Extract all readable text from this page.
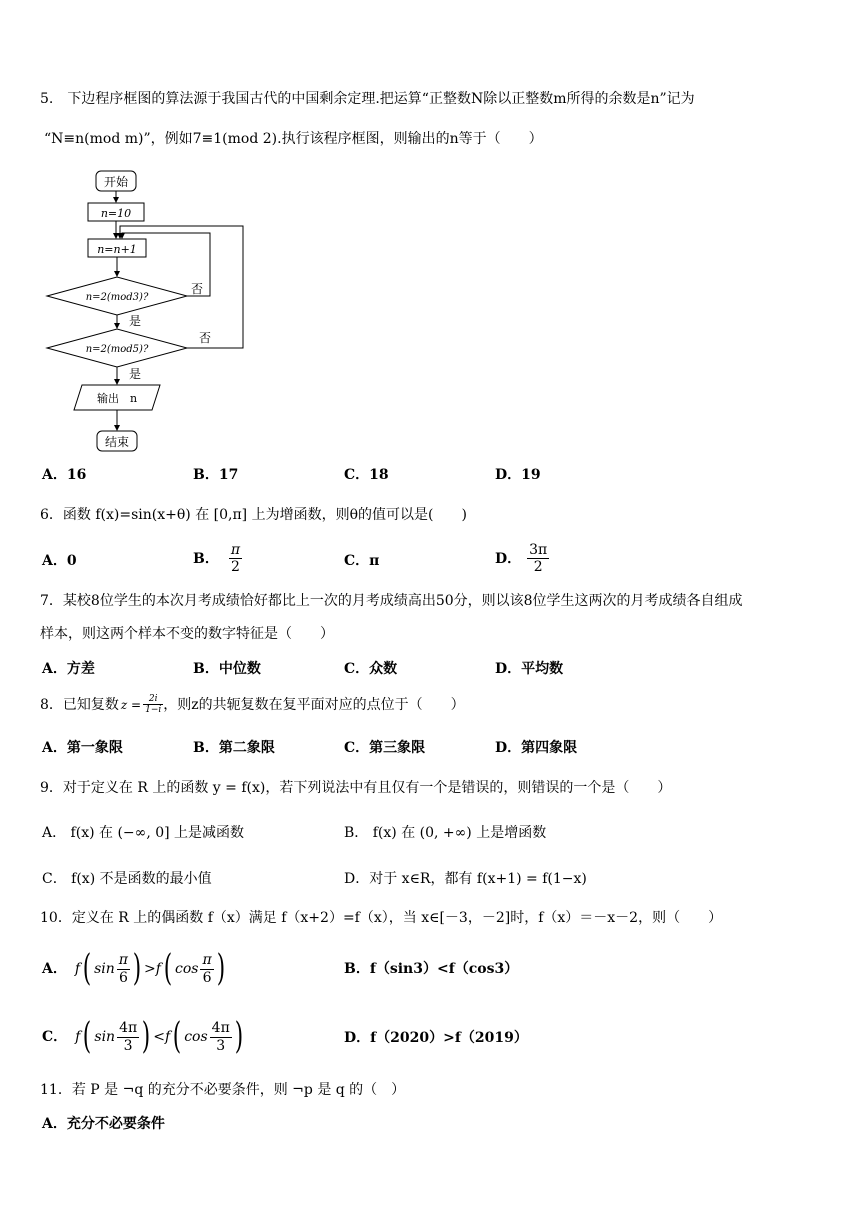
5.　下边程序框图的算法源于我国古代的中国剩余定理.把运算“正整数N除以正整数m所得的余数是n”记为
“N≡n(mod m)”，例如7≡1(mod 2).执行该程序框图，则输出的n等于（　　）
开始
n=10
n=n+1
n=2(mod3)?
否
是
n=2(mod5)?
否
是
输出　n
结束
A．16	B．17	C．18	D．19
6．函数 f(x)=sin(x+θ) 在 [0,π] 上为增函数，则θ的值可以是(　　)
A．0	B． $\frac{\pi}{2}$	C．π	D． $\frac{3\pi}{2}$
7．某校8位学生的本次月考成绩恰好都比上一次的月考成绩高出50分，则以该8位学生这两次的月考成绩各自组成
样本，则这两个样本不变的数字特征是（　　）
A．方差	B．中位数	C．众数	D．平均数
8．已知复数 $z = \frac{2i}{1-i}$ ，则z的共轭复数在复平面对应的点位于（　　）
A．第一象限	B．第二象限	C．第三象限	D．第四象限
9．对于定义在 R 上的函数 y = f(x)，若下列说法中有且仅有一个是错误的，则错误的一个是（　　）
A． f(x) 在 (−∞, 0] 上是减函数	B． f(x) 在 (0, +∞) 上是增函数
C． f(x) 不是函数的最小值	D．对于 x∈R，都有 f(x+1) = f(1−x)
10．定义在 R 上的偶函数 f（x）满足 f（x+2）=f（x），当 x∈[－3，－2]时，f（x）＝－x－2，则（　　）
A． f ( $\sin \frac{\pi}{6}$ ) >f ( $\cos \frac{\pi}{6}$ )	B．f（sin3）<f（cos3）
C． f ( $\sin \frac{4\pi}{3}$ ) <f ( $\cos \frac{4\pi}{3}$ )	D．f（2020）>f（2019）
11．若 P 是 ¬q 的充分不必要条件，则 ¬p 是 q 的（　）
A．充分不必要条件
